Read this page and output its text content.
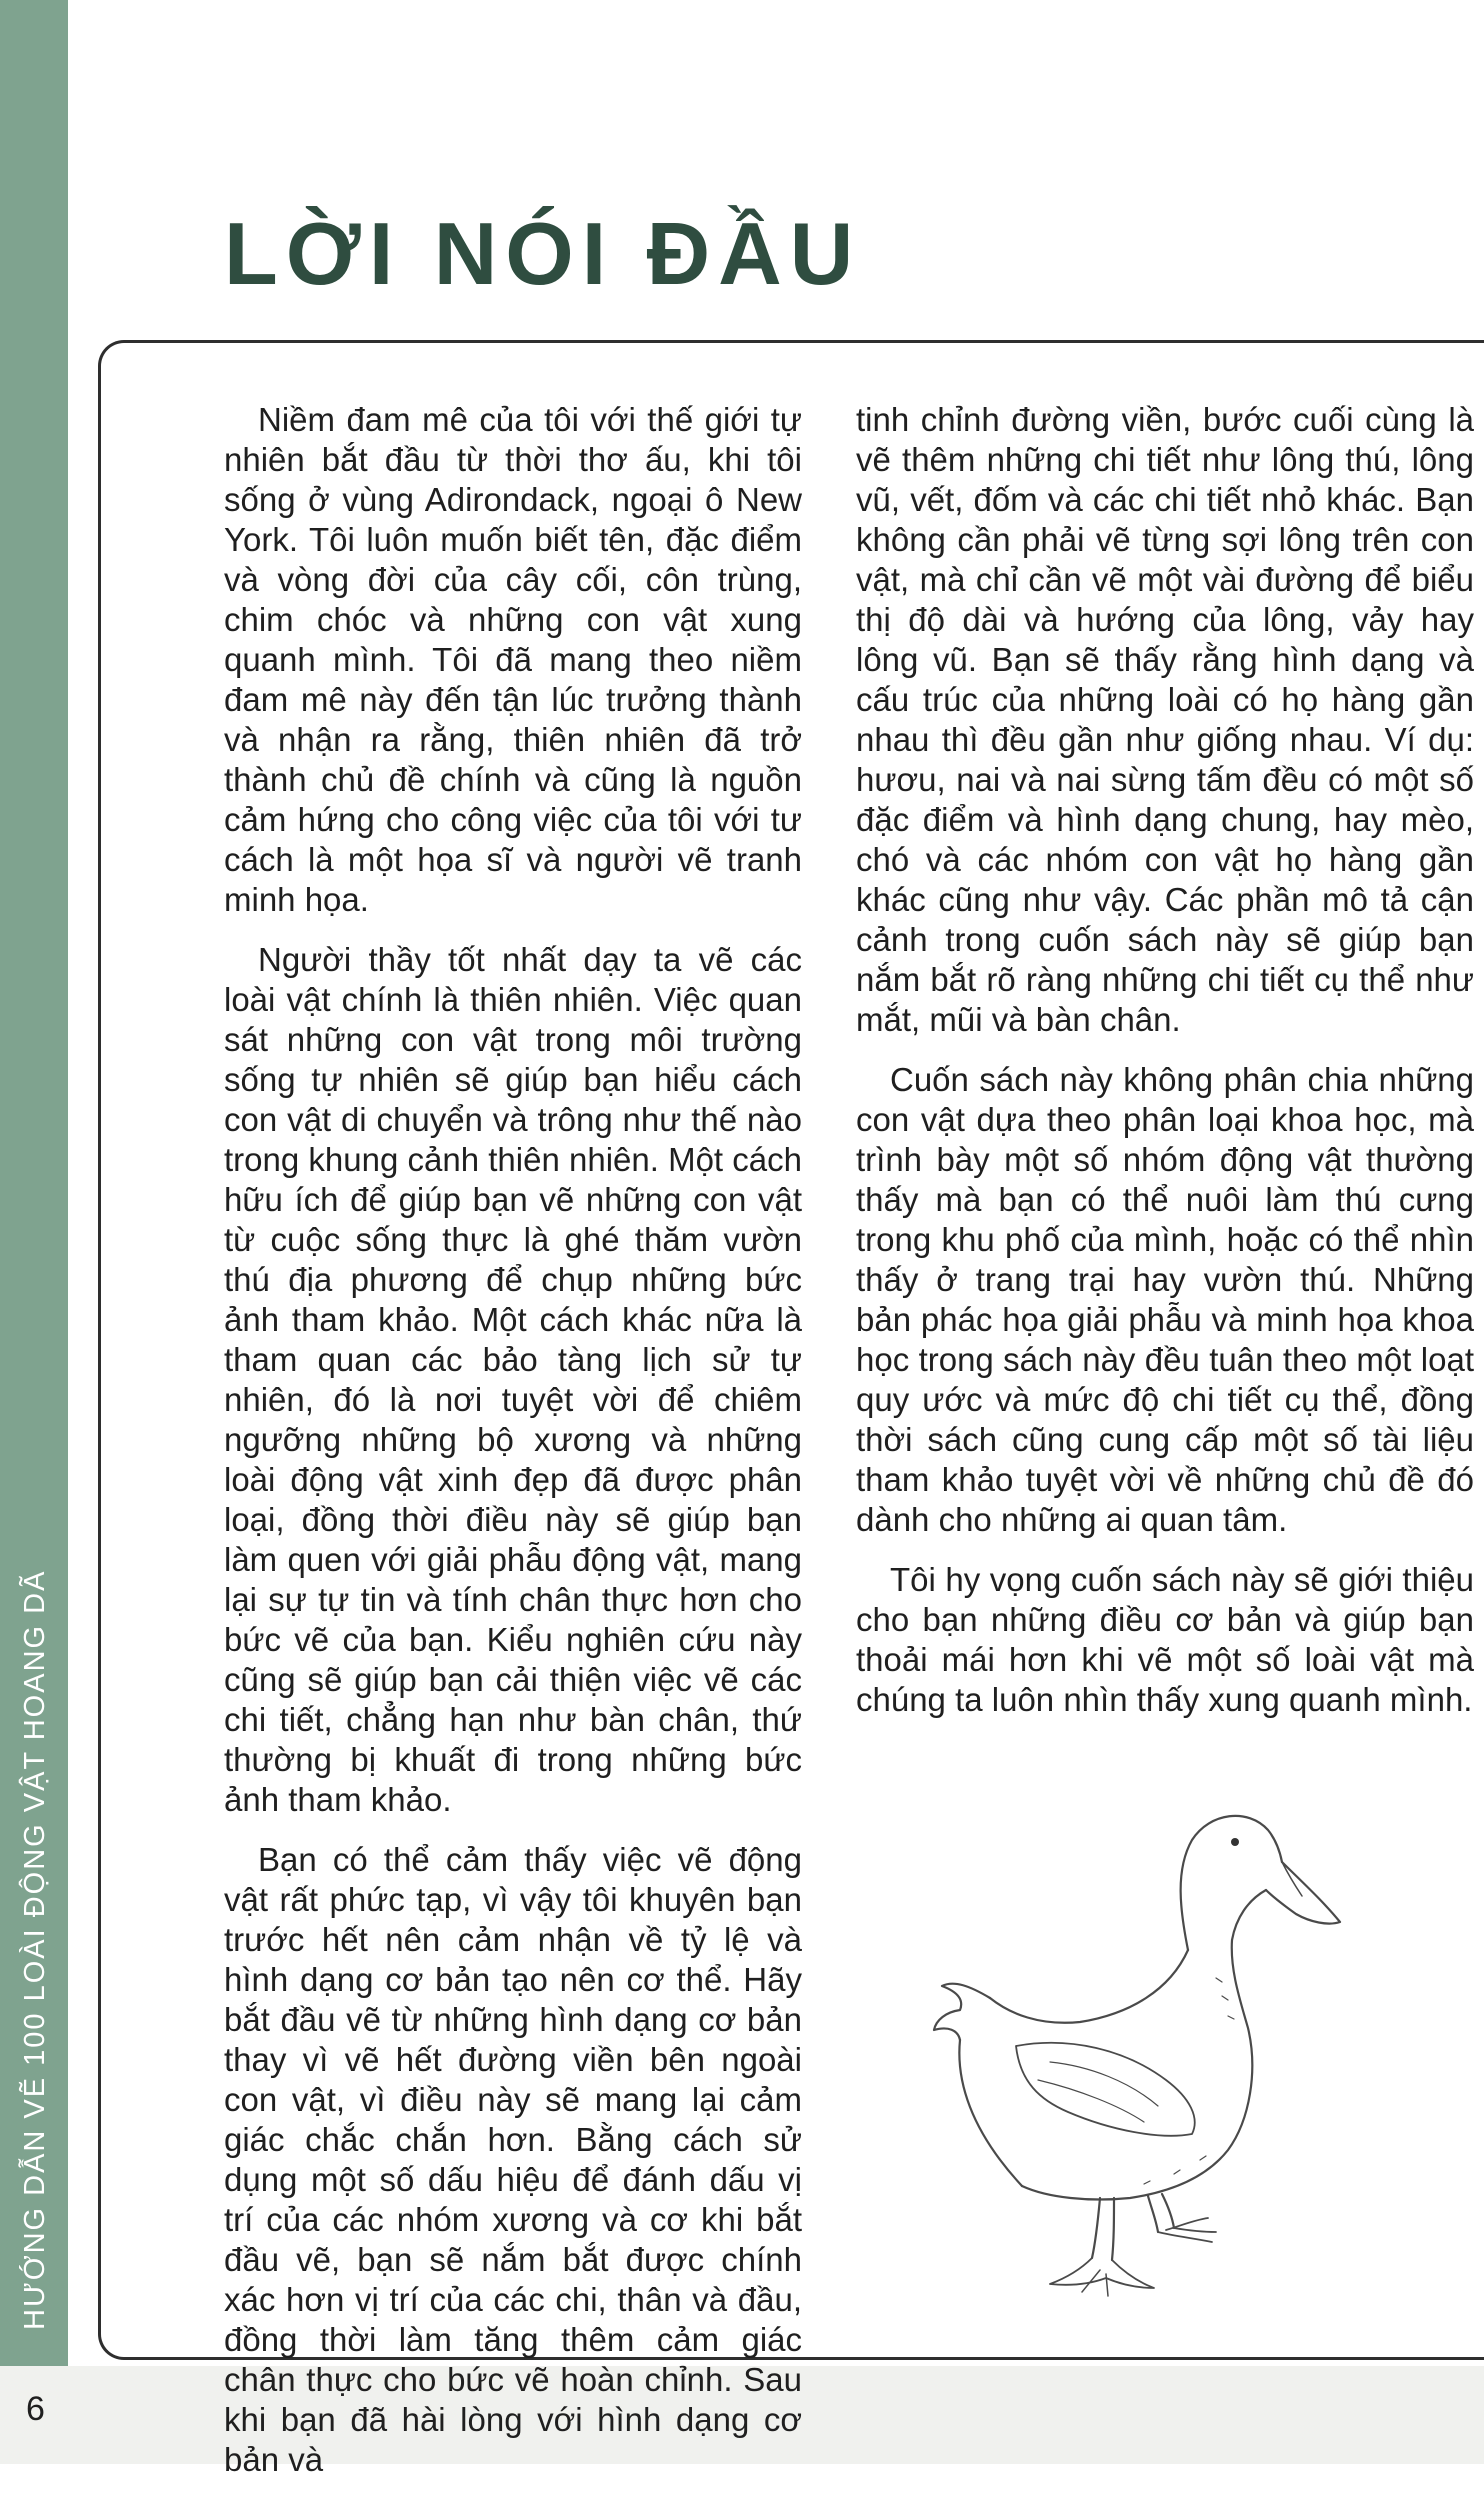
HƯỚNG DẪN VẼ 100 LOÀI ĐỘNG VẬT HOANG DÃ
6
LỜI NÓI ĐẦU

Niềm đam mê của tôi với thế giới tự nhiên bắt đầu từ thời thơ ấu, khi tôi sống ở vùng Adirondack, ngoại ô New York. Tôi luôn muốn biết tên, đặc điểm và vòng đời của cây cối, côn trùng, chim chóc và những con vật xung quanh mình. Tôi đã mang theo niềm đam mê này đến tận lúc trưởng thành và nhận ra rằng, thiên nhiên đã trở thành chủ đề chính và cũng là nguồn cảm hứng cho công việc của tôi với tư cách là một họa sĩ và người vẽ tranh minh họa.

Người thầy tốt nhất dạy ta vẽ các loài vật chính là thiên nhiên. Việc quan sát những con vật trong môi trường sống tự nhiên sẽ giúp bạn hiểu cách con vật di chuyển và trông như thế nào trong khung cảnh thiên nhiên. Một cách hữu ích để giúp bạn vẽ những con vật từ cuộc sống thực là ghé thăm vườn thú địa phương để chụp những bức ảnh tham khảo. Một cách khác nữa là tham quan các bảo tàng lịch sử tự nhiên, đó là nơi tuyệt vời để chiêm ngưỡng những bộ xương và những loài động vật xinh đẹp đã được phân loại, đồng thời điều này sẽ giúp bạn làm quen với giải phẫu động vật, mang lại sự tự tin và tính chân thực hơn cho bức vẽ của bạn. Kiểu nghiên cứu này cũng sẽ giúp bạn cải thiện việc vẽ các chi tiết, chẳng hạn như bàn chân, thứ thường bị khuất đi trong những bức ảnh tham khảo.

Bạn có thể cảm thấy việc vẽ động vật rất phức tạp, vì vậy tôi khuyên bạn trước hết nên cảm nhận về tỷ lệ và hình dạng cơ bản tạo nên cơ thể. Hãy bắt đầu vẽ từ những hình dạng cơ bản thay vì vẽ hết đường viền bên ngoài con vật, vì điều này sẽ mang lại cảm giác chắc chắn hơn. Bằng cách sử dụng một số dấu hiệu để đánh dấu vị trí của các nhóm xương và cơ khi bắt đầu vẽ, bạn sẽ nắm bắt được chính xác hơn vị trí của các chi, thân và đầu, đồng thời làm tăng thêm cảm giác chân thực cho bức vẽ hoàn chỉnh. Sau khi bạn đã hài lòng với hình dạng cơ bản và

tinh chỉnh đường viền, bước cuối cùng là vẽ thêm những chi tiết như lông thú, lông vũ, vết, đốm và các chi tiết nhỏ khác. Bạn không cần phải vẽ từng sợi lông trên con vật, mà chỉ cần vẽ một vài đường để biểu thị độ dài và hướng của lông, vảy hay lông vũ. Bạn sẽ thấy rằng hình dạng và cấu trúc của những loài có họ hàng gần nhau thì đều gần như giống nhau. Ví dụ: hươu, nai và nai sừng tấm đều có một số đặc điểm và hình dạng chung, hay mèo, chó và các nhóm con vật họ hàng gần khác cũng như vậy. Các phần mô tả cận cảnh trong cuốn sách này sẽ giúp bạn nắm bắt rõ ràng những chi tiết cụ thể như mắt, mũi và bàn chân.

Cuốn sách này không phân chia những con vật dựa theo phân loại khoa học, mà trình bày một số nhóm động vật thường thấy mà bạn có thể nuôi làm thú cưng trong khu phố của mình, hoặc có thể nhìn thấy ở trang trại hay vườn thú. Những bản phác họa giải phẫu và minh họa khoa học trong sách này đều tuân theo một loạt quy ước và mức độ chi tiết cụ thể, đồng thời sách cũng cung cấp một số tài liệu tham khảo tuyệt vời về những chủ đề đó dành cho những ai quan tâm.

Tôi hy vọng cuốn sách này sẽ giới thiệu cho bạn những điều cơ bản và giúp bạn thoải mái hơn khi vẽ một số loài vật mà chúng ta luôn nhìn thấy xung quanh mình.
